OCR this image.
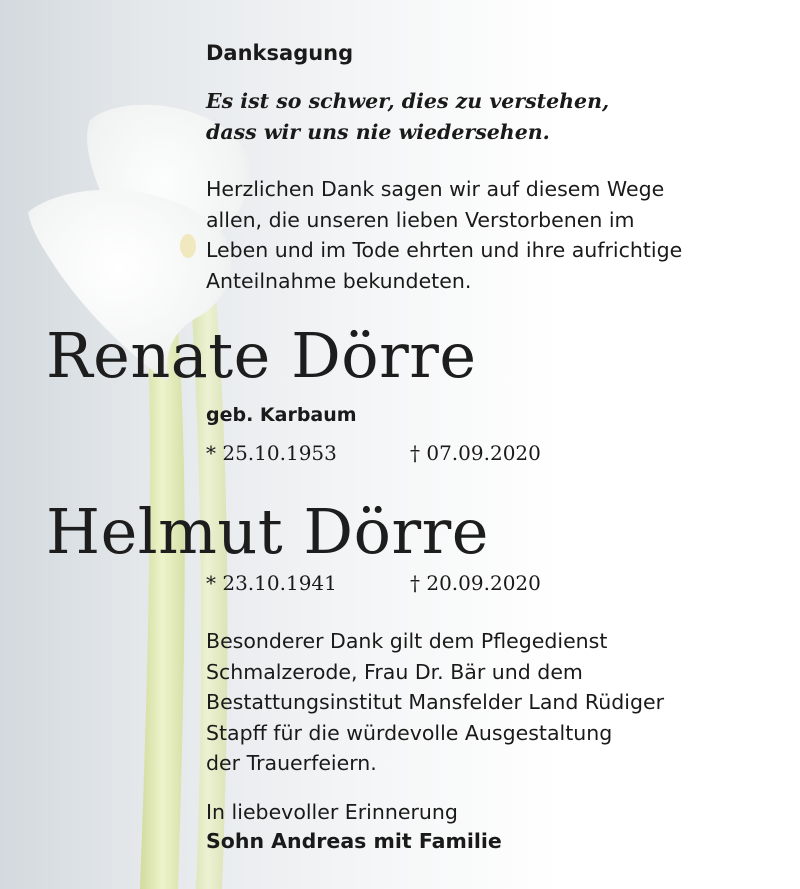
Danksagung
Es ist so schwer, dies zu verstehen,
dass wir uns nie wiedersehen.
Herzlichen Dank sagen wir auf diesem Wege
allen, die unseren lieben Verstorbenen im
Leben und im Tode ehrten und ihre aufrichtige
Anteilnahme bekundeten.
Renate Dörre
geb. Karbaum
* 25.10.1953	† 07.09.2020
Helmut Dörre
* 23.10.1941	† 20.09.2020
Besonderer Dank gilt dem Pflegedienst
Schmalzerode, Frau Dr. Bär und dem
Bestattungsinstitut Mansfelder Land Rüdiger
Stapff für die würdevolle Ausgestaltung
der Trauerfeiern.
In liebevoller Erinnerung
Sohn Andreas mit Familie
